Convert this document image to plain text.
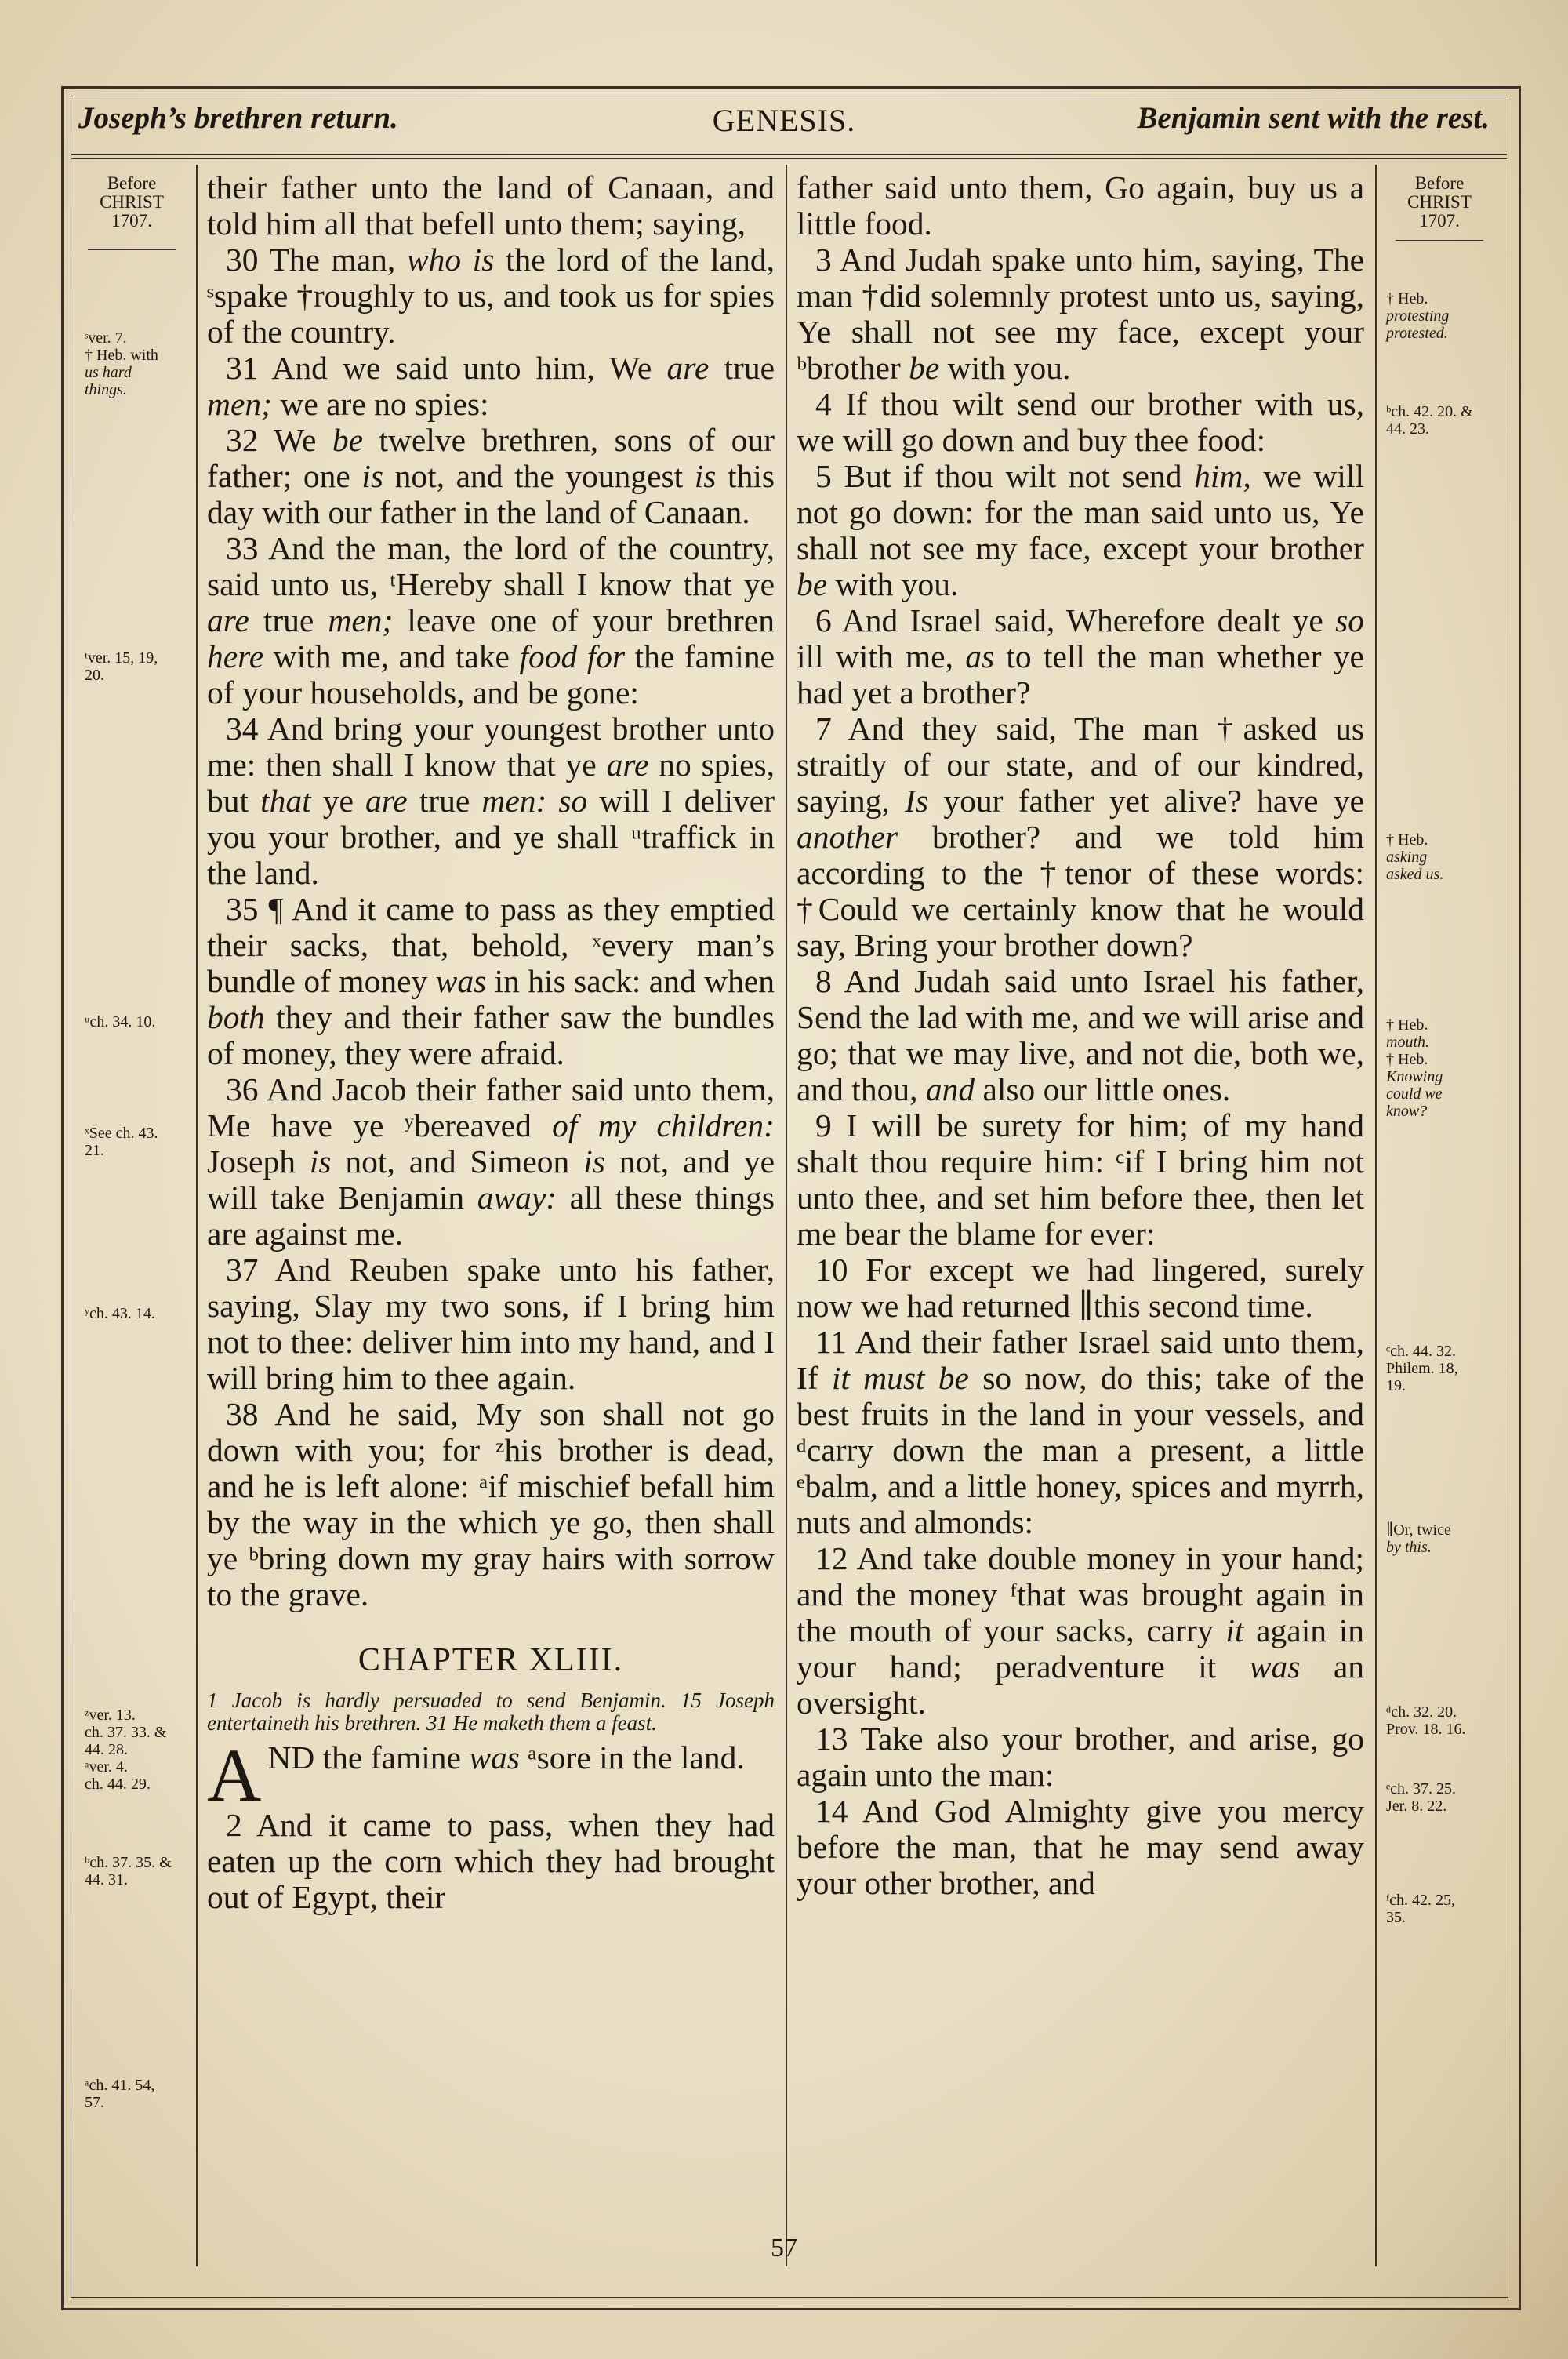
Joseph’s brethren return.	GENESIS.	Benjamin sent with the rest.
Before
CHRIST
1707.
ˢver. 7.
† Heb. with
us hard
things.
ᵗver. 15, 19,
20.
ᵘch. 34. 10.
ˣSee ch. 43.
21.
ʸch. 43. 14.
ᶻver. 13.
ch. 37. 33. &
44. 28.
ᵃver. 4.
ch. 44. 29.
ᵇch. 37. 35. &
44. 31.
ᵃch. 41. 54,
57.
Before
CHRIST
1707.
† Heb.
protesting
protested.
ᵇch. 42. 20. &
44. 23.
† Heb.
asking
asked us.
† Heb.
mouth.
† Heb.
Knowing
could we
know?
ᶜch. 44. 32.
Philem. 18,
19.
∥Or, twice
by this.
ᵈch. 32. 20.
Prov. 18. 16.
ᵉch. 37. 25.
Jer. 8. 22.
ᶠch. 42. 25,
35.

their father unto the land of Canaan, and told him all that befell unto them; saying,

30 The man, who is the lord of the land, ˢspake †roughly to us, and took us for spies of the country.

31 And we said unto him, We are true men; we are no spies:

32 We be twelve brethren, sons of our father; one is not, and the youngest is this day with our father in the land of Canaan.

33 And the man, the lord of the country, said unto us, ᵗHereby shall I know that ye are true men; leave one of your brethren here with me, and take food for the famine of your households, and be gone:

34 And bring your youngest brother unto me: then shall I know that ye are no spies, but that ye are true men: so will I deliver you your brother, and ye shall ᵘtraffick in the land.

35 ¶ And it came to pass as they emptied their sacks, that, behold, ˣevery man’s bundle of money was in his sack: and when both they and their father saw the bundles of money, they were afraid.

36 And Jacob their father said unto them, Me have ye ʸbereaved of my children: Joseph is not, and Simeon is not, and ye will take Benjamin away: all these things are against me.

37 And Reuben spake unto his father, saying, Slay my two sons, if I bring him not to thee: deliver him into my hand, and I will bring him to thee again.

38 And he said, My son shall not go down with you; for ᶻhis brother is dead, and he is left alone: ᵃif mischief befall him by the way in the which ye go, then shall ye ᵇbring down my gray hairs with sorrow to the grave.

CHAPTER XLIII.

1 Jacob is hardly persuaded to send Benjamin. 15 Joseph entertaineth his brethren. 31 He maketh them a feast.

AND the famine was ᵃsore in the land.

2 And it came to pass, when they had eaten up the corn which they had brought out of Egypt, their

father said unto them, Go again, buy us a little food.

3 And Judah spake unto him, saying, The man †did solemnly protest unto us, saying, Ye shall not see my face, except your ᵇbrother be with you.

4 If thou wilt send our brother with us, we will go down and buy thee food:

5 But if thou wilt not send him, we will not go down: for the man said unto us, Ye shall not see my face, except your brother be with you.

6 And Israel said, Wherefore dealt ye so ill with me, as to tell the man whether ye had yet a brother?

7 And they said, The man †asked us straitly of our state, and of our kindred, saying, Is your father yet alive? have ye another brother? and we told him according to the †tenor of these words: †Could we certainly know that he would say, Bring your brother down?

8 And Judah said unto Israel his father, Send the lad with me, and we will arise and go; that we may live, and not die, both we, and thou, and also our little ones.

9 I will be surety for him; of my hand shalt thou require him: ᶜif I bring him not unto thee, and set him before thee, then let me bear the blame for ever:

10 For except we had lingered, surely now we had returned ∥this second time.

11 And their father Israel said unto them, If it must be so now, do this; take of the best fruits in the land in your vessels, and ᵈcarry down the man a present, a little ᵉbalm, and a little honey, spices and myrrh, nuts and almonds:

12 And take double money in your hand; and the money ᶠthat was brought again in the mouth of your sacks, carry it again in your hand; peradventure it was an oversight.

13 Take also your brother, and arise, go again unto the man:

14 And God Almighty give you mercy before the man, that he may send away your other brother, and

57
